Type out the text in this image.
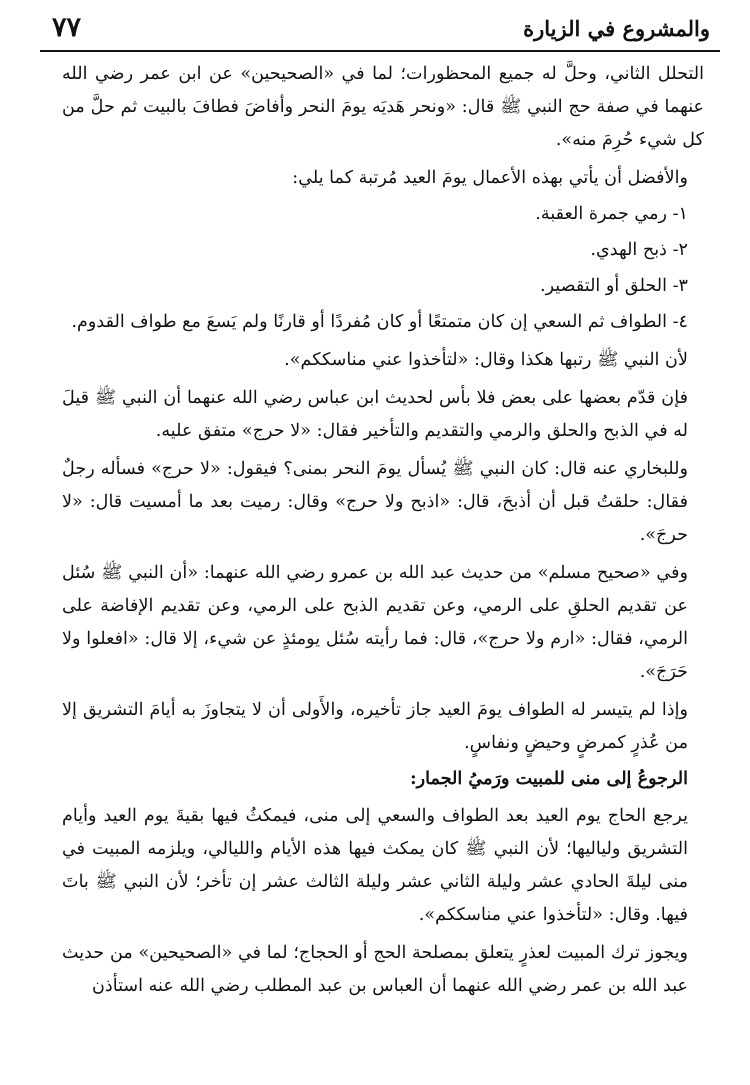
والمشروع في الزيارة
٧٧

التحلل الثاني، وحلَّ له جميع المحظورات؛ لما في «الصحيحين» عن ابن عمر رضي الله عنهما في صفة حج النبي ﷺ قال: «ونحر هَديَه يومَ النحر وأفاضَ فطافَ بالبيت ثم حلَّ من كل شيء حُرِمَ منه».

والأفضل أن يأتي بهذه الأعمال يومَ العيد مُرتبة كما يلي:

١- رمي جمرة العقبة.

٢- ذبح الهدي.

٣- الحلق أو التقصير.

٤- الطواف ثم السعي إن كان متمتعًا أو كان مُفردًا أو قارنًا ولم يَسعَ مع طواف القدوم.

لأن النبي ﷺ رتبها هكذا وقال: «لتأخذوا عني مناسككم».

فإن قدّم بعضها على بعض فلا بأس لحديث ابن عباس رضي الله عنهما أن النبي ﷺ قيلَ له في الذبح والحلق والرمي والتقديم والتأخير فقال: «لا حرج» متفق عليه.

وللبخاري عنه قال: كان النبي ﷺ يُسأل يومَ النحر بمنى؟ فيقول: «لا حرج» فسأله رجلٌ فقال: حلقتُ قبل أن أذبحَ، قال: «اذبح ولا حرج» وقال: رميت بعد ما أمسيت قال: «لا حرجَ».

وفي «صحيح مسلم» من حديث عبد الله بن عمرو رضي الله عنهما: «أن النبي ﷺ سُئل عن تقديم الحلقِ على الرمي، وعن تقديم الذبح على الرمي، وعن تقديم الإفاضة على الرمي، فقال: «ارم ولا حرج»، قال: فما رأيته سُئل يومئذٍ عن شيء، إلا قال: «افعلوا ولا حَرَجَ».

وإذا لم يتيسر له الطواف يومَ العيد جاز تأخيره، والأَولى أن لا يتجاوزَ به أيامَ التشريق إلا من عُذرٍ كمرضٍ وحيضٍ ونفاسٍ.

الرجوعُ إلى منى للمبيت ورَميُ الجمار:

يرجع الحاج يوم العيد بعد الطواف والسعي إلى منى، فيمكثُ فيها بقيةَ يوم العيد وأيام التشريق ولياليها؛ لأن النبي ﷺ كان يمكث فيها هذه الأيام والليالي، ويلزمه المبيت في منى ليلةَ الحادي عشر وليلة الثاني عشر وليلة الثالث عشر إن تأخر؛ لأن النبي ﷺ باتَ فيها. وقال: «لتأخذوا عني مناسككم».

ويجوز ترك المبيت لعذرٍ يتعلق بمصلحة الحج أو الحجاج؛ لما في «الصحيحين» من حديث عبد الله بن عمر رضي الله عنهما أن العباس بن عبد المطلب رضي الله عنه استأذن
